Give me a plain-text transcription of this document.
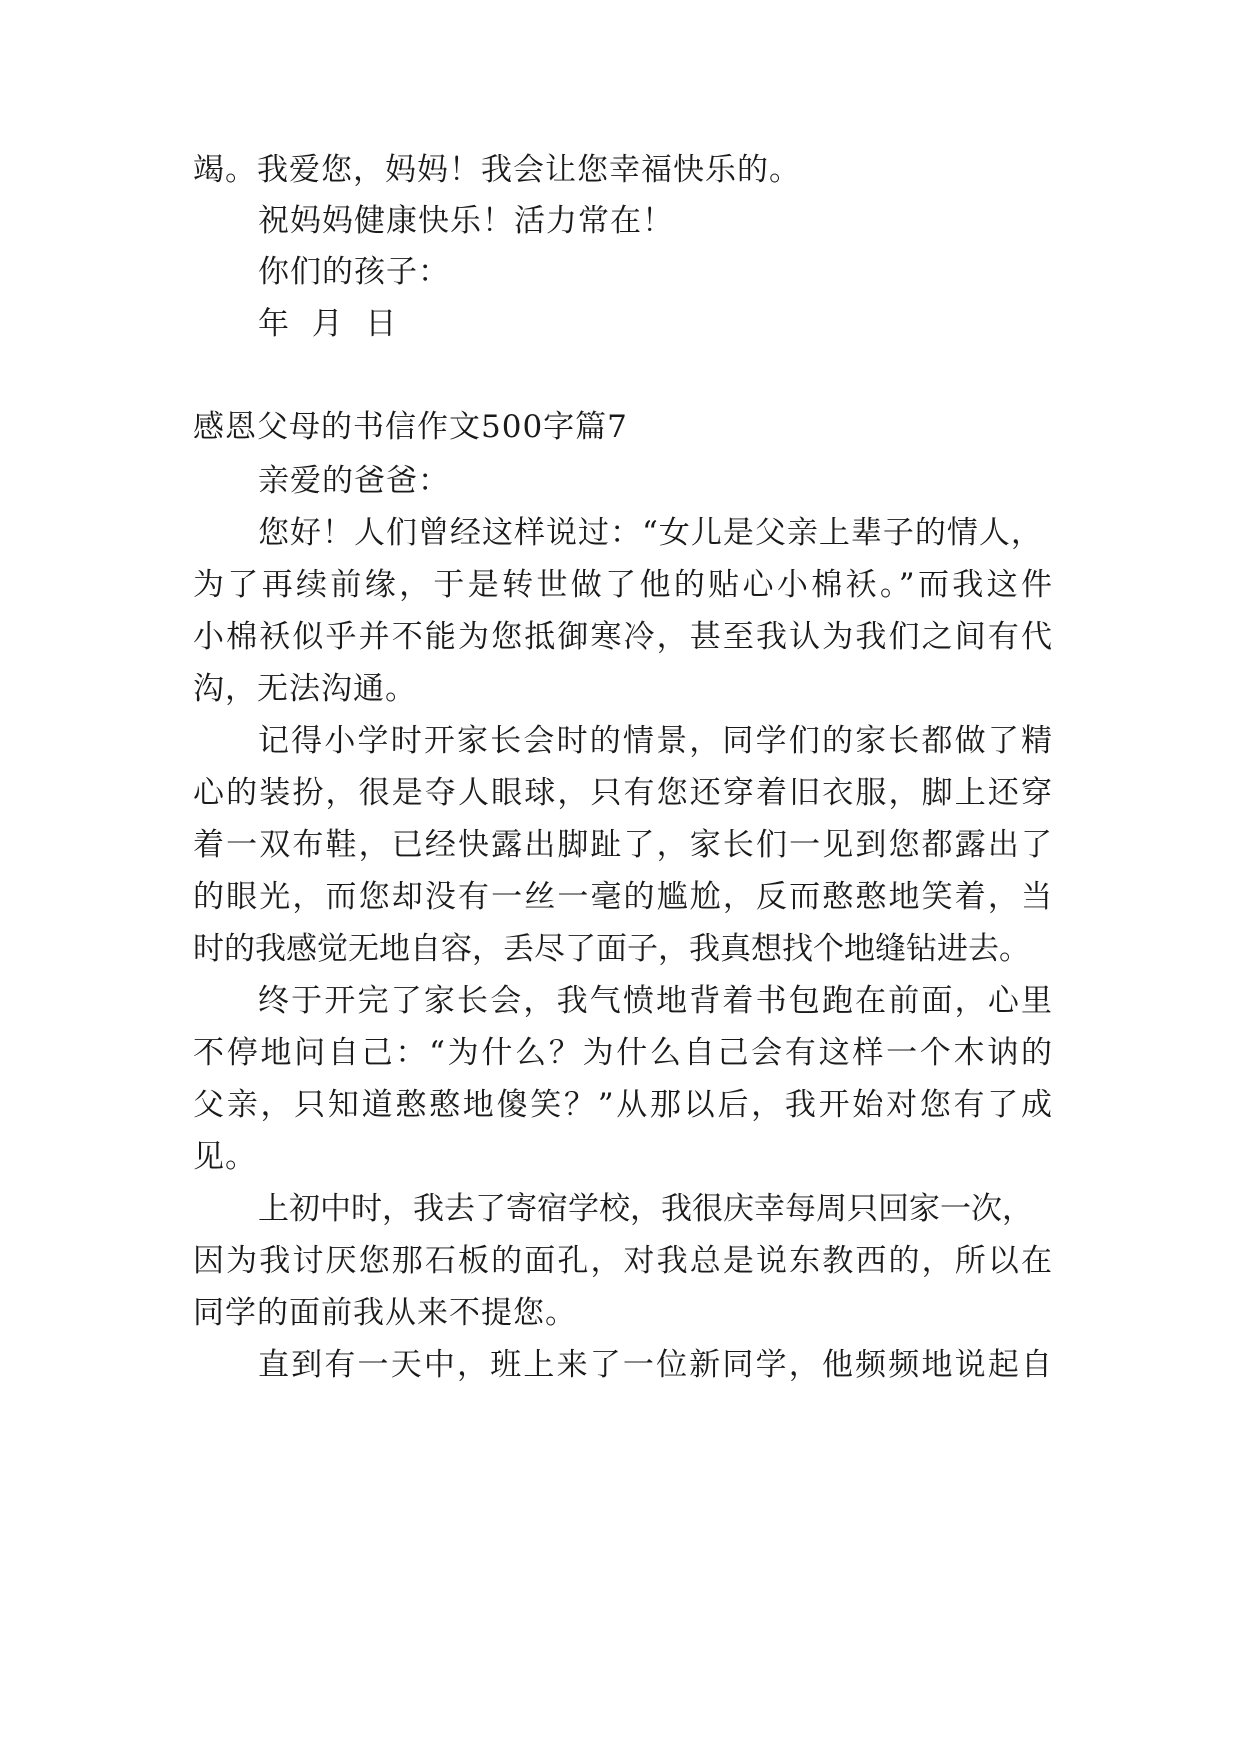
竭。我爱您，妈妈！我会让您幸福快乐的。
祝妈妈健康快乐！活力常在！
你们的孩子：
年  月  日
感恩父母的书信作文500字篇7
亲爱的爸爸：
您好！人们曾经这样说过：“女儿是父亲上辈子的情人，
为了再续前缘，于是转世做了他的贴心小棉袄。”而我这件
小棉袄似乎并不能为您抵御寒冷，甚至我认为我们之间有代
沟，无法沟通。
记得小学时开家长会时的情景，同学们的家长都做了精
心的装扮，很是夺人眼球，只有您还穿着旧衣服，脚上还穿
着一双布鞋，已经快露出脚趾了，家长们一见到您都露出了
的眼光，而您却没有一丝一毫的尴尬，反而憨憨地笑着，当
时的我感觉无地自容，丢尽了面子，我真想找个地缝钻进去。
终于开完了家长会，我气愤地背着书包跑在前面，心里
不停地问自己：“为什么？为什么自己会有这样一个木讷的
父亲，只知道憨憨地傻笑？”从那以后，我开始对您有了成
见。
上初中时，我去了寄宿学校，我很庆幸每周只回家一次，
因为我讨厌您那石板的面孔，对我总是说东教西的，所以在
同学的面前我从来不提您。
直到有一天中，班上来了一位新同学，他频频地说起自
